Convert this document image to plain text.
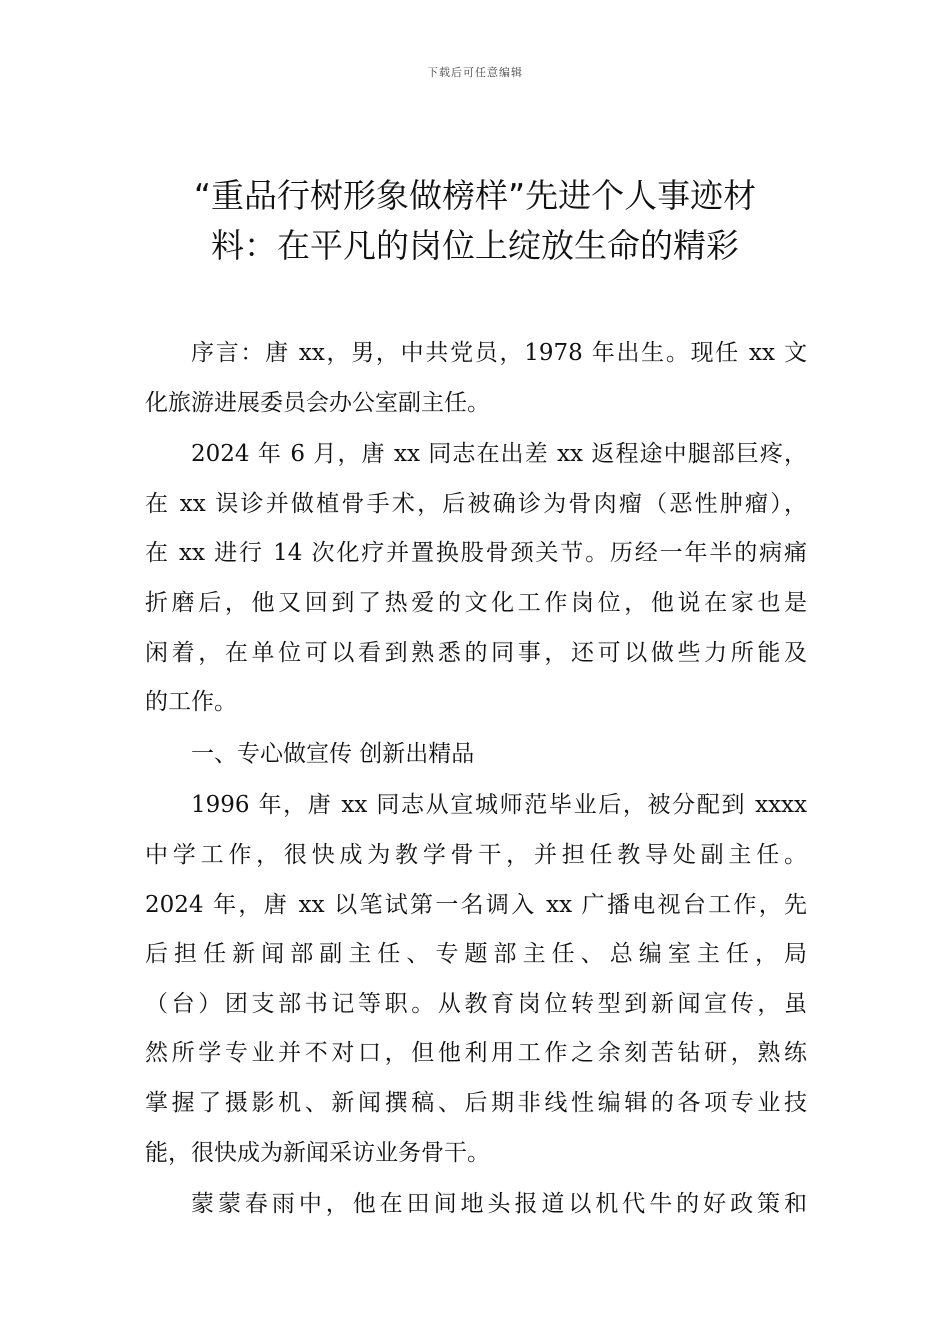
下载后可任意编辑
“重品行树形象做榜样”先进个人事迹材
料：在平凡的岗位上绽放生命的精彩
序言：唐 xx，男，中共党员，1978 年出生。现任 xx 文
化旅游进展委员会办公室副主任。
2024 年 6 月，唐 xx 同志在出差 xx 返程途中腿部巨疼，
在 xx 误诊并做植骨手术，后被确诊为骨肉瘤（恶性肿瘤），
在 xx 进行 14 次化疗并置换股骨颈关节。历经一年半的病痛
折磨后，他又回到了热爱的文化工作岗位，他说在家也是
闲着，在单位可以看到熟悉的同事，还可以做些力所能及
的工作。
一、专心做宣传 创新出精品
1996 年，唐 xx 同志从宣城师范毕业后，被分配到 xxxx
中学工作，很快成为教学骨干，并担任教导处副主任。
2024 年，唐 xx 以笔试第一名调入 xx 广播电视台工作，先
后担任新闻部副主任、专题部主任、总编室主任，局
（台）团支部书记等职。从教育岗位转型到新闻宣传，虽
然所学专业并不对口，但他利用工作之余刻苦钻研，熟练
掌握了摄影机、新闻撰稿、后期非线性编辑的各项专业技
能，很快成为新闻采访业务骨干。
蒙蒙春雨中，他在田间地头报道以机代牛的好政策和
